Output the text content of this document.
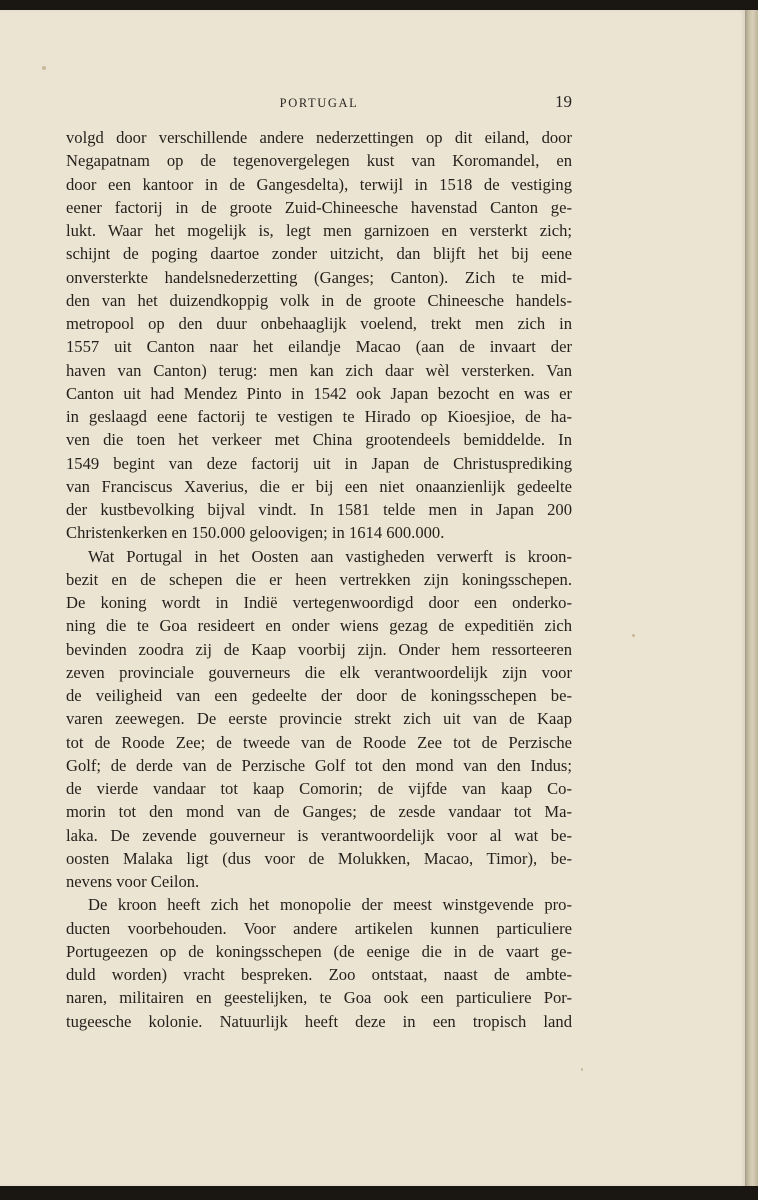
PORTUGAL	19
volgd door verschillende andere nederzettingen op dit eiland, door
Negapatnam op de tegenovergelegen kust van Koromandel, en
door een kantoor in de Gangesdelta), terwijl in 1518 de vestiging
eener factorij in de groote Zuid-Chineesche havenstad Canton ge-
lukt. Waar het mogelijk is, legt men garnizoen en versterkt zich;
schijnt de poging daartoe zonder uitzicht, dan blijft het bij eene
onversterkte handelsnederzetting (Ganges; Canton). Zich te mid-
den van het duizendkoppig volk in de groote Chineesche handels-
metropool op den duur onbehaaglijk voelend, trekt men zich in
1557 uit Canton naar het eilandje Macao (aan de invaart der
haven van Canton) terug: men kan zich daar wèl versterken. Van
Canton uit had Mendez Pinto in 1542 ook Japan bezocht en was er
in geslaagd eene factorij te vestigen te Hirado op Kioesjioe, de ha-
ven die toen het verkeer met China grootendeels bemiddelde. In
1549 begint van deze factorij uit in Japan de Christusprediking
van Franciscus Xaverius, die er bij een niet onaanzienlijk gedeelte
der kustbevolking bijval vindt. In 1581 telde men in Japan 200
Christenkerken en 150.000 geloovigen; in 1614 600.000.
Wat Portugal in het Oosten aan vastigheden verwerft is kroon-
bezit en de schepen die er heen vertrekken zijn koningsschepen.
De koning wordt in Indië vertegenwoordigd door een onderko-
ning die te Goa resideert en onder wiens gezag de expeditiën zich
bevinden zoodra zij de Kaap voorbij zijn. Onder hem ressorteeren
zeven provinciale gouverneurs die elk verantwoordelijk zijn voor
de veiligheid van een gedeelte der door de koningsschepen be-
varen zeewegen. De eerste provincie strekt zich uit van de Kaap
tot de Roode Zee; de tweede van de Roode Zee tot de Perzische
Golf; de derde van de Perzische Golf tot den mond van den Indus;
de vierde vandaar tot kaap Comorin; de vijfde van kaap Co-
morin tot den mond van de Ganges; de zesde vandaar tot Ma-
laka. De zevende gouverneur is verantwoordelijk voor al wat be-
oosten Malaka ligt (dus voor de Molukken, Macao, Timor), be-
nevens voor Ceilon.
De kroon heeft zich het monopolie der meest winstgevende pro-
ducten voorbehouden. Voor andere artikelen kunnen particuliere
Portugeezen op de koningsschepen (de eenige die in de vaart ge-
duld worden) vracht bespreken. Zoo ontstaat, naast de ambte-
naren, militairen en geestelijken, te Goa ook een particuliere Por-
tugeesche kolonie. Natuurlijk heeft deze in een tropisch land
